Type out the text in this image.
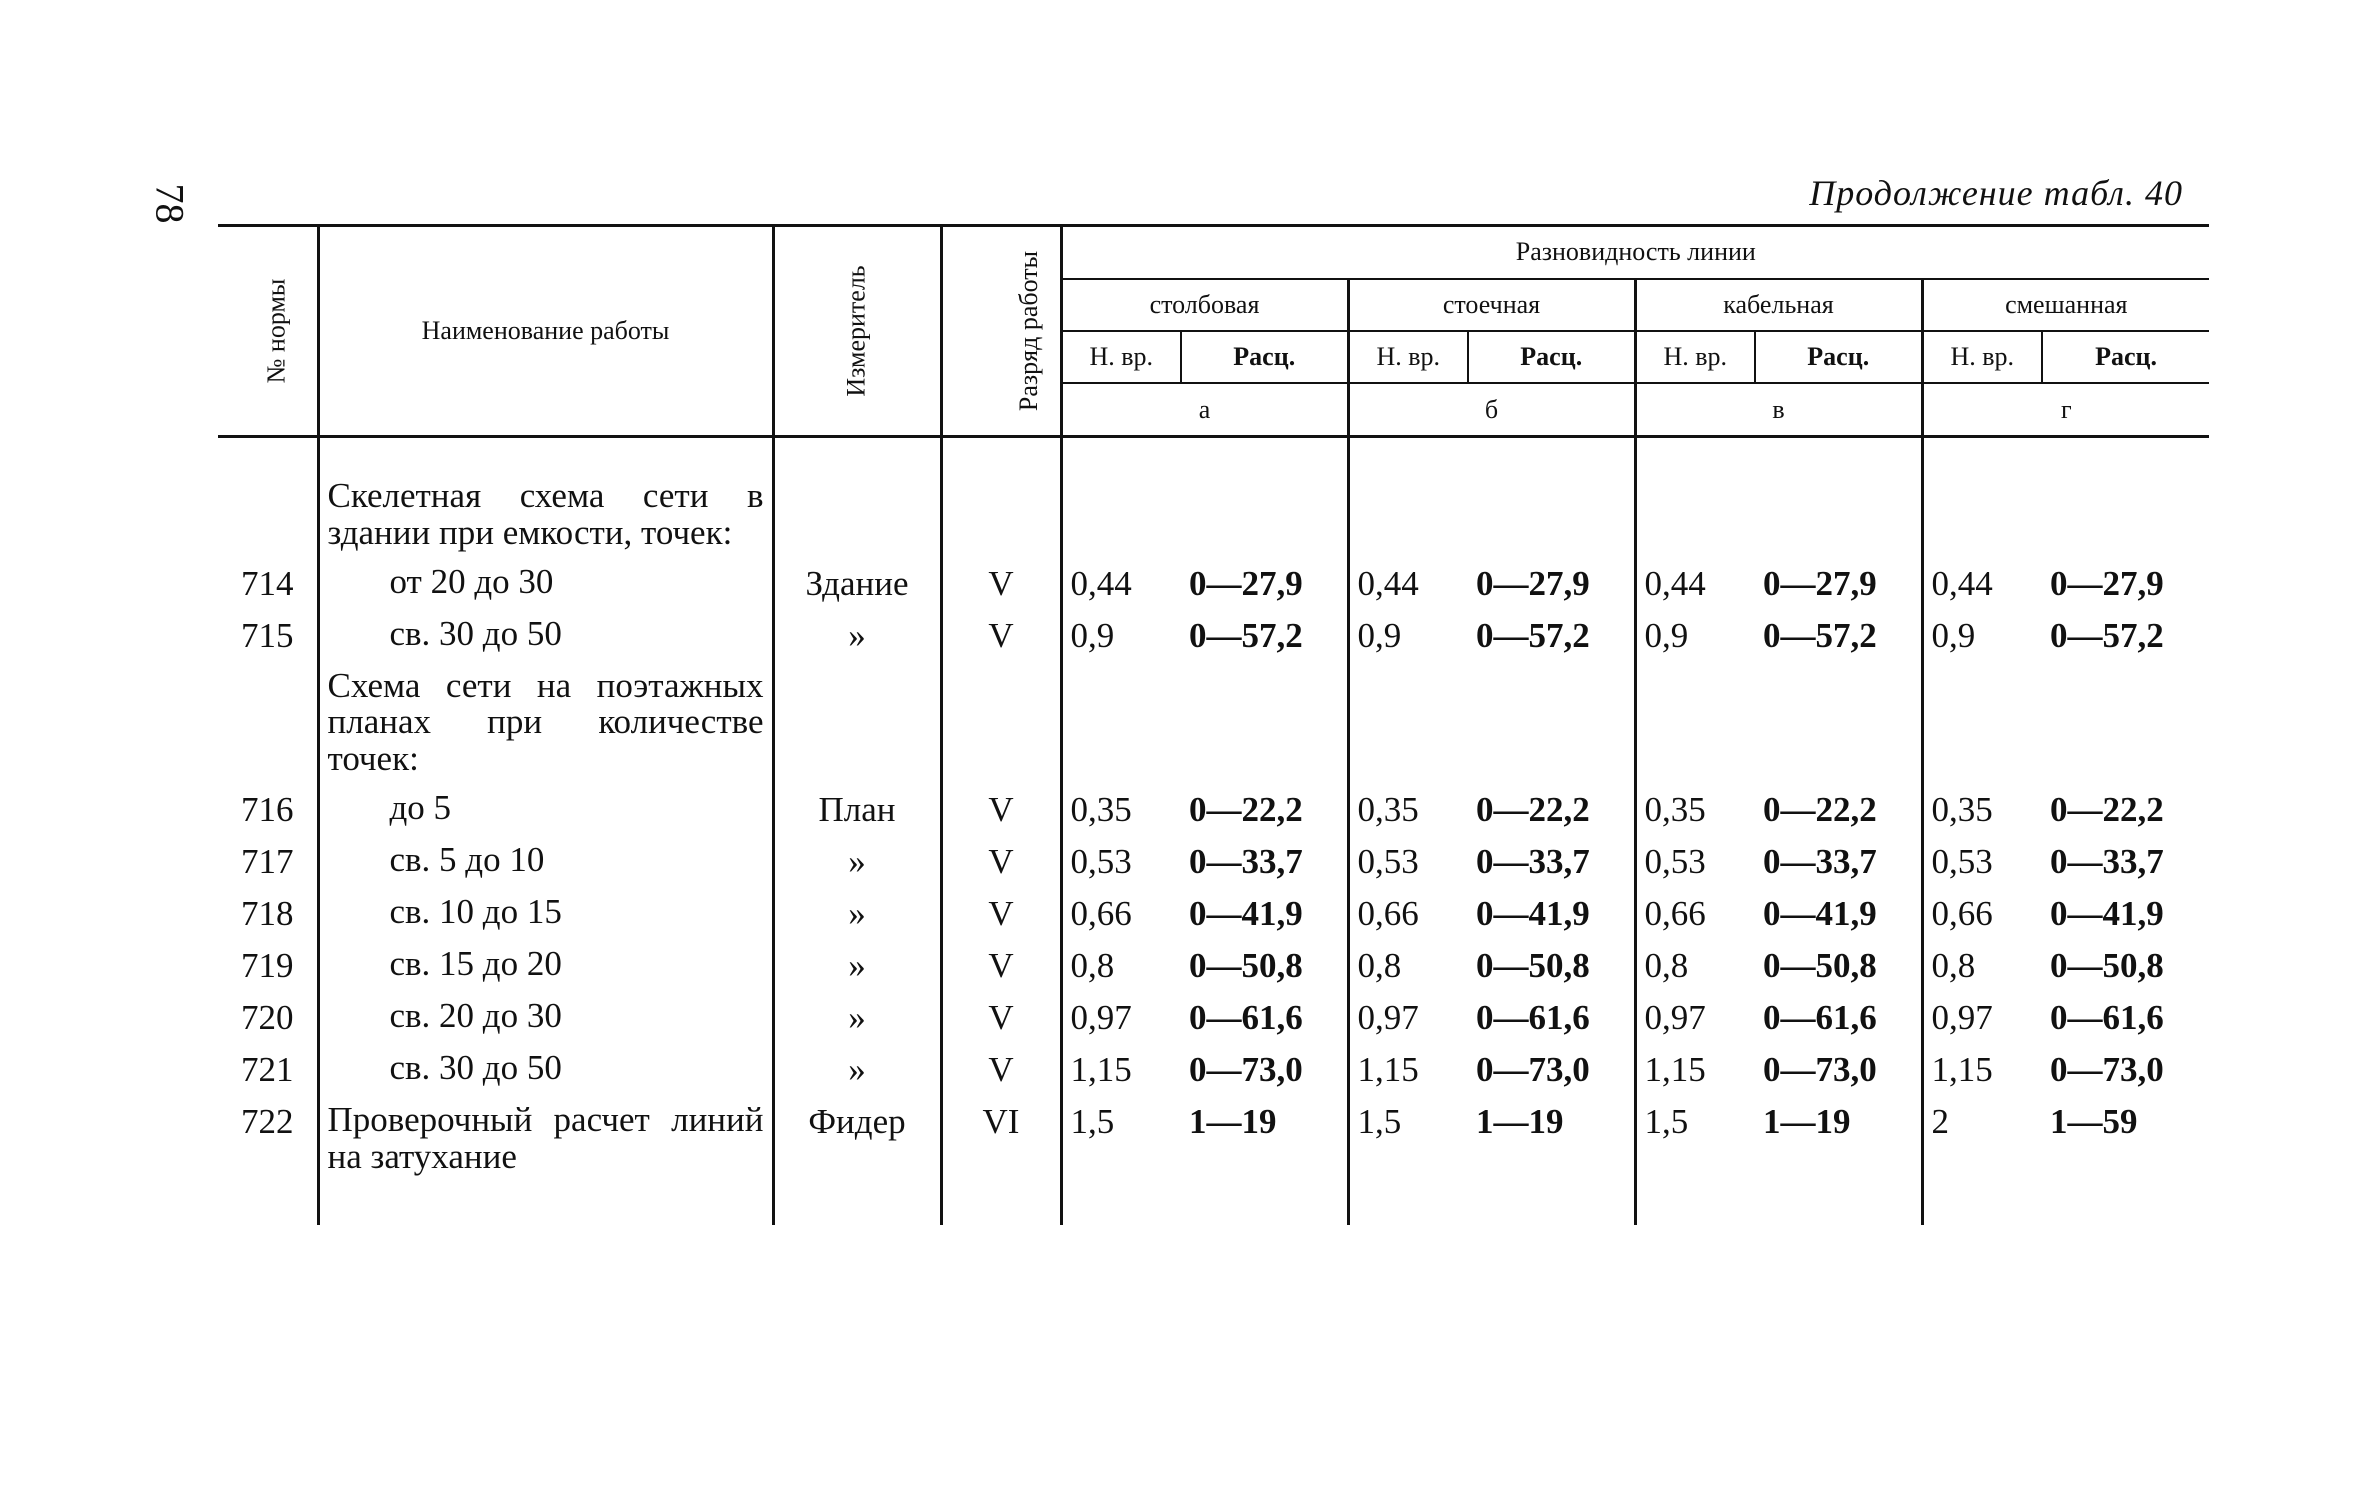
78	Продолжение табл. 40
№ нормы	Наименование работы	Измеритель	Разряд работы	Разновидность линии							
				столбовая		стоечная		кабельная		смешанная	
				Н. вр.	Расц.	Н. вр.	Расц.	Н. вр.	Расц.	Н. вр.	Расц.
				а		б		в		г	
	Скелетная схема сети в здании при емкости, точек:										
714	от 20 до 30	Здание	V	0,44	0—27,9	0,44	0—27,9	0,44	0—27,9	0,44	0—27,9
715	св. 30 до 50	»	V	0,9	0—57,2	0,9	0—57,2	0,9	0—57,2	0,9	0—57,2
	Схема сети на поэтажных планах при количестве точек:										
716	до 5	План	V	0,35	0—22,2	0,35	0—22,2	0,35	0—22,2	0,35	0—22,2
717	св. 5 до 10	»	V	0,53	0—33,7	0,53	0—33,7	0,53	0—33,7	0,53	0—33,7
718	св. 10 до 15	»	V	0,66	0—41,9	0,66	0—41,9	0,66	0—41,9	0,66	0—41,9
719	св. 15 до 20	»	V	0,8	0—50,8	0,8	0—50,8	0,8	0—50,8	0,8	0—50,8
720	св. 20 до 30	»	V	0,97	0—61,6	0,97	0—61,6	0,97	0—61,6	0,97	0—61,6
721	св. 30 до 50	»	V	1,15	0—73,0	1,15	0—73,0	1,15	0—73,0	1,15	0—73,0
722	Проверочный расчет линий на затухание	Фидер	VI	1,5	1—19	1,5	1—19	1,5	1—19	2	1—59
